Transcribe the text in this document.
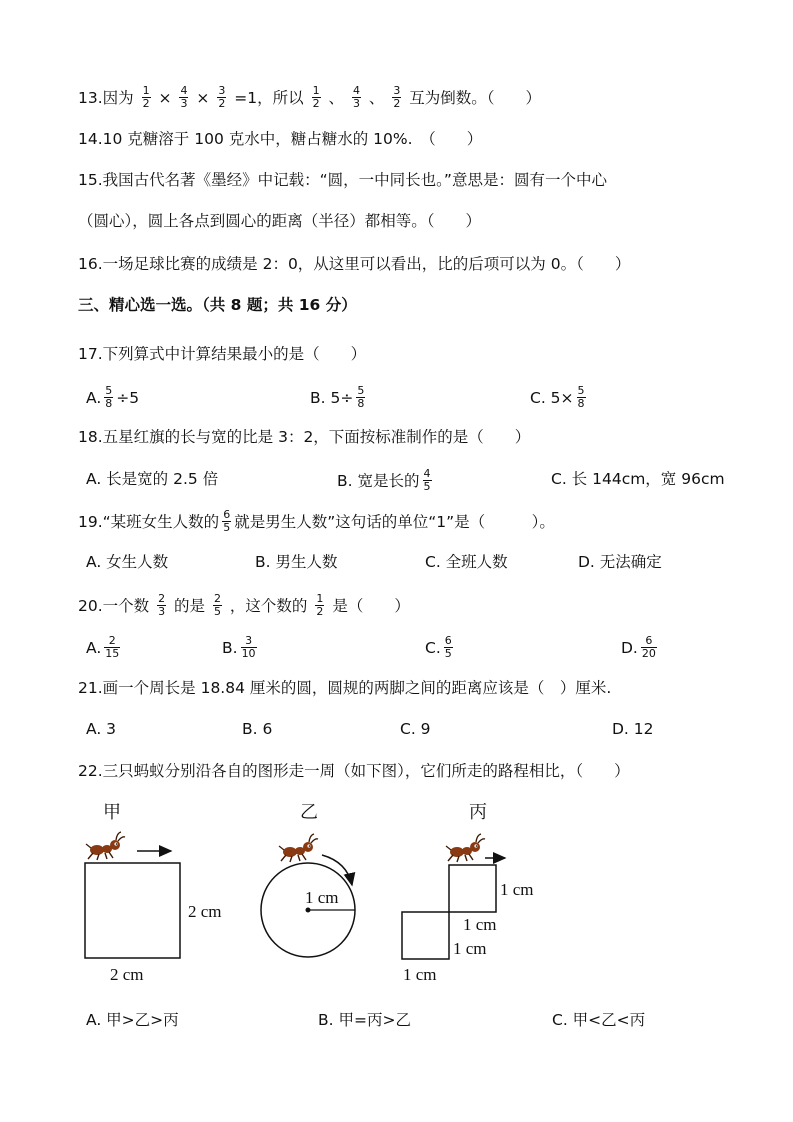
13.因为 $\frac{1}{2} \times \frac{4}{3} \times \frac{3}{2} =1$，所以 $\frac{1}{2}$ 、 $\frac{4}{3}$ 、 $\frac{3}{2}$ 互为倒数。（　　）
14.10 克糖溶于 100 克水中，糖占糖水的 10%.　（　　）
15.我国古代名著《墨经》中记载：“圆，一中同长也。”意思是：圆有一个中心
（圆心），圆上各点到圆心的距离（半径）都相等。（　　）
16.一场足球比赛的成绩是 2：0，从这里可以看出，比的后项可以为 0。（　　）
三、精心选一选。（共 8 题；共 16 分）
17.下列算式中计算结果最小的是（　　）
A. $\frac{5}{8} \div 5$	B. $5\div \frac{5}{8}$	C. $5\times \frac{5}{8}$
18.五星红旗的长与宽的比是 3：2，下面按标准制作的是（　　）
A. 长是宽的 2.5 倍	B. 宽是长的 $\frac{4}{5}$	C. 长 144cm，宽 96cm
19.“某班女生人数的 $\frac{6}{5}$ 就是男生人数”这句话的单位“1”是（　　　）。
A. 女生人数	B. 男生人数	C. 全班人数	D. 无法确定
20.一个数 $\frac{2}{3}$ 的是 $\frac{2}{5}$ ，这个数的 $\frac{1}{2}$ 是（　　）
A. $\frac{2}{15}$	B. $\frac{3}{10}$	C. $\frac{6}{5}$	D. $\frac{6}{20}$
21.画一个周长是 18.84 厘米的圆，圆规的两脚之间的距离应该是（　）厘米.
A. 3	B. 6	C. 9	D. 12
22.三只蚂蚁分别沿各自的图形走一周（如下图），它们所走的路程相比，（　　）
甲	乙	丙
2 cm
2 cm
1 cm	1 cm
1 cm
1 cm
1 cm
A. 甲>乙>丙	B. 甲=丙>乙	C. 甲<乙<丙
